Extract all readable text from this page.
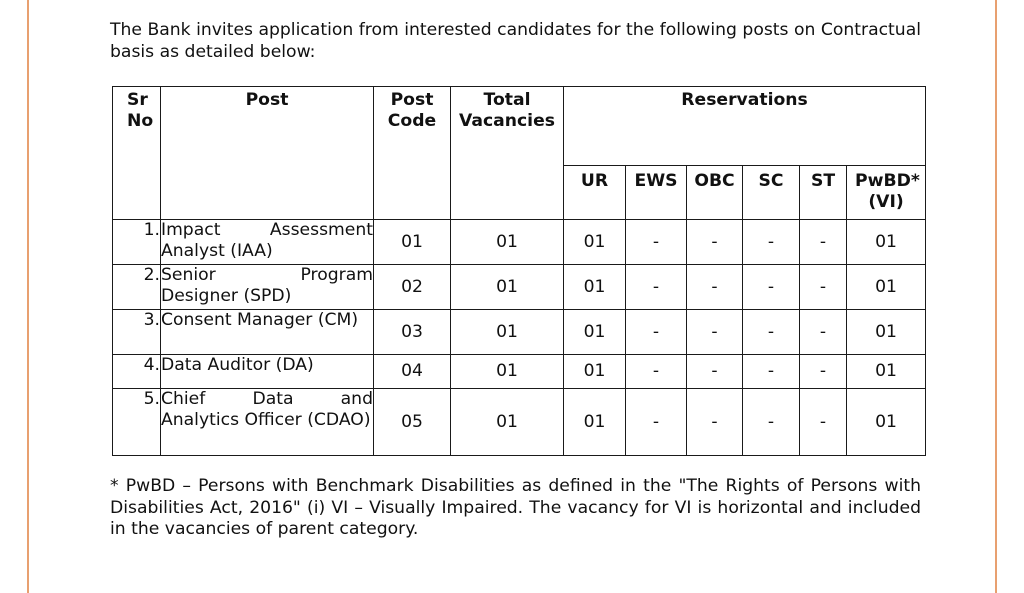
The Bank invites application from interested candidates for the following posts on Contractual basis as detailed below:

Sr No	Post	Post Code	Total Vacancies	Reservations					
				UR	EWS	OBC	SC	ST	PwBD* (VI)
1.	Impact Assessment Analyst (IAA)	01	01	01	-	-	-	-	01
2.	Senior Program Designer (SPD)	02	01	01	-	-	-	-	01
3.	Consent Manager (CM)	03	01	01	-	-	-	-	01
4.	Data Auditor (DA)	04	01	01	-	-	-	-	01
5.	Chief Data and Analytics Officer (CDAO)	05	01	01	-	-	-	-	01

* PwBD – Persons with Benchmark Disabilities as defined in the "The Rights of Persons with Disabilities Act, 2016" (i) VI – Visually Impaired. The vacancy for VI is horizontal and included in the vacancies of parent category.
